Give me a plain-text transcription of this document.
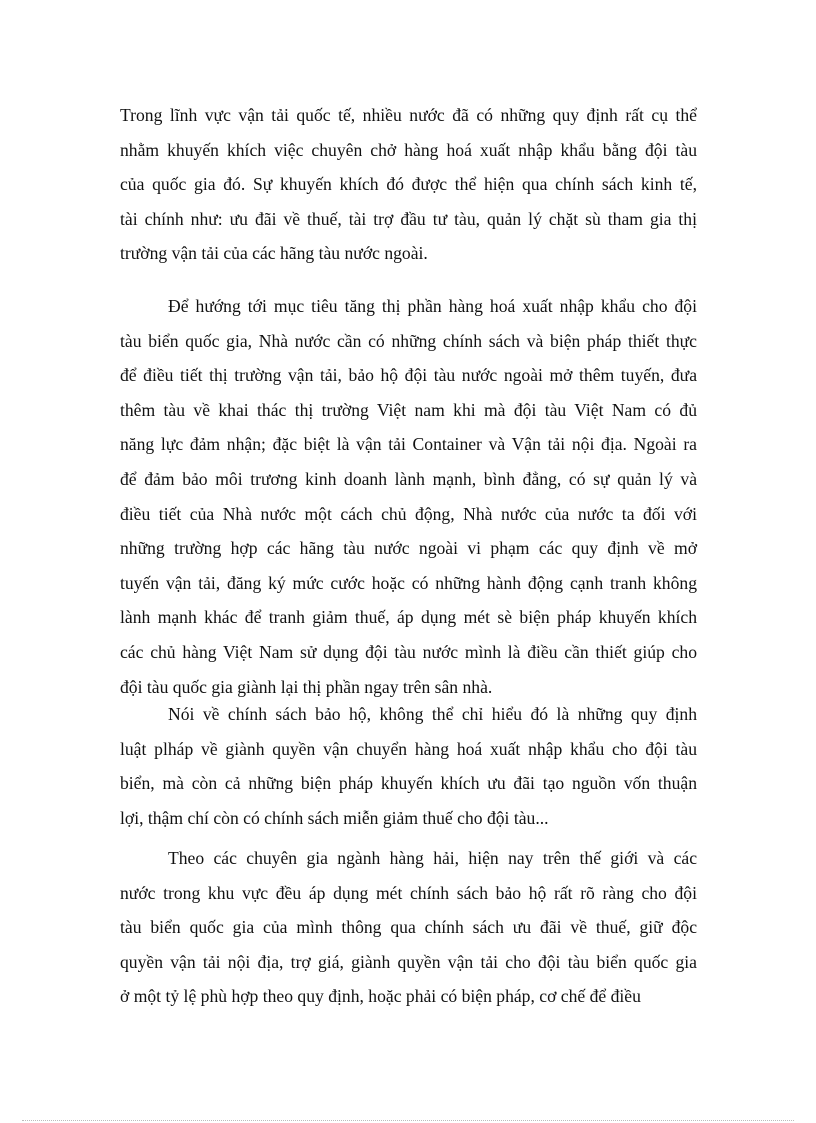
Trong lĩnh vực vận tải quốc tế, nhiều nước đã có những quy định rất cụ thể
nhằm khuyến khích việc chuyên chở hàng hoá xuất nhập khẩu bằng đội tàu
của quốc gia đó. Sự khuyến khích đó được thể hiện qua chính sách kinh tế,
tài chính như: ưu đãi về thuế, tài trợ đầu tư tàu, quản lý chặt sù tham gia thị
trường vận tải của các hãng tàu nước ngoài.
Để hướng tới mục tiêu tăng thị phần hàng hoá xuất nhập khẩu cho đội
tàu biển quốc gia, Nhà nước cần có những chính sách và biện pháp thiết thực
để điều tiết thị trường vận tải, bảo hộ đội tàu nước ngoài mở thêm tuyến, đưa
thêm tàu về khai thác thị trường Việt nam khi mà đội tàu Việt Nam có đủ
năng lực đảm nhận; đặc biệt là vận tải Container và Vận tải nội địa. Ngoài ra
để đảm bảo môi trương kinh doanh lành mạnh, bình đẳng, có sự quản lý và
điều tiết của Nhà nước một cách chủ động, Nhà nước của nước ta đối với
những trường hợp các hãng tàu nước ngoài vi phạm các quy định về mở
tuyến vận tải, đăng ký mức cước hoặc có những hành động cạnh tranh không
lành mạnh khác để tranh giảm thuế, áp dụng mét sè biện pháp khuyến khích
các chủ hàng Việt Nam sử dụng đội tàu nước mình là điều cần thiết giúp cho
đội tàu quốc gia giành lại thị phần ngay trên sân nhà.
Nói về chính sách bảo hộ, không thể chỉ hiểu đó là những quy định
luật plháp về giành quyền vận chuyển hàng hoá xuất nhập khẩu cho đội tàu
biển, mà còn cả những biện pháp khuyến khích ưu đãi tạo nguồn vốn thuận
lợi, thậm chí còn có chính sách miễn giảm thuế cho đội tàu...
Theo các chuyên gia ngành hàng hải, hiện nay trên thế giới và các
nước trong khu vực đều áp dụng mét chính sách bảo hộ rất rõ ràng cho đội
tàu biển quốc gia của mình thông qua chính sách ưu đãi về thuế, giữ độc
quyền vận tải nội địa, trợ giá, giành quyền vận tải cho đội tàu biển quốc gia
ở một tỷ lệ phù hợp theo quy định, hoặc phải có biện pháp, cơ chế để điều
